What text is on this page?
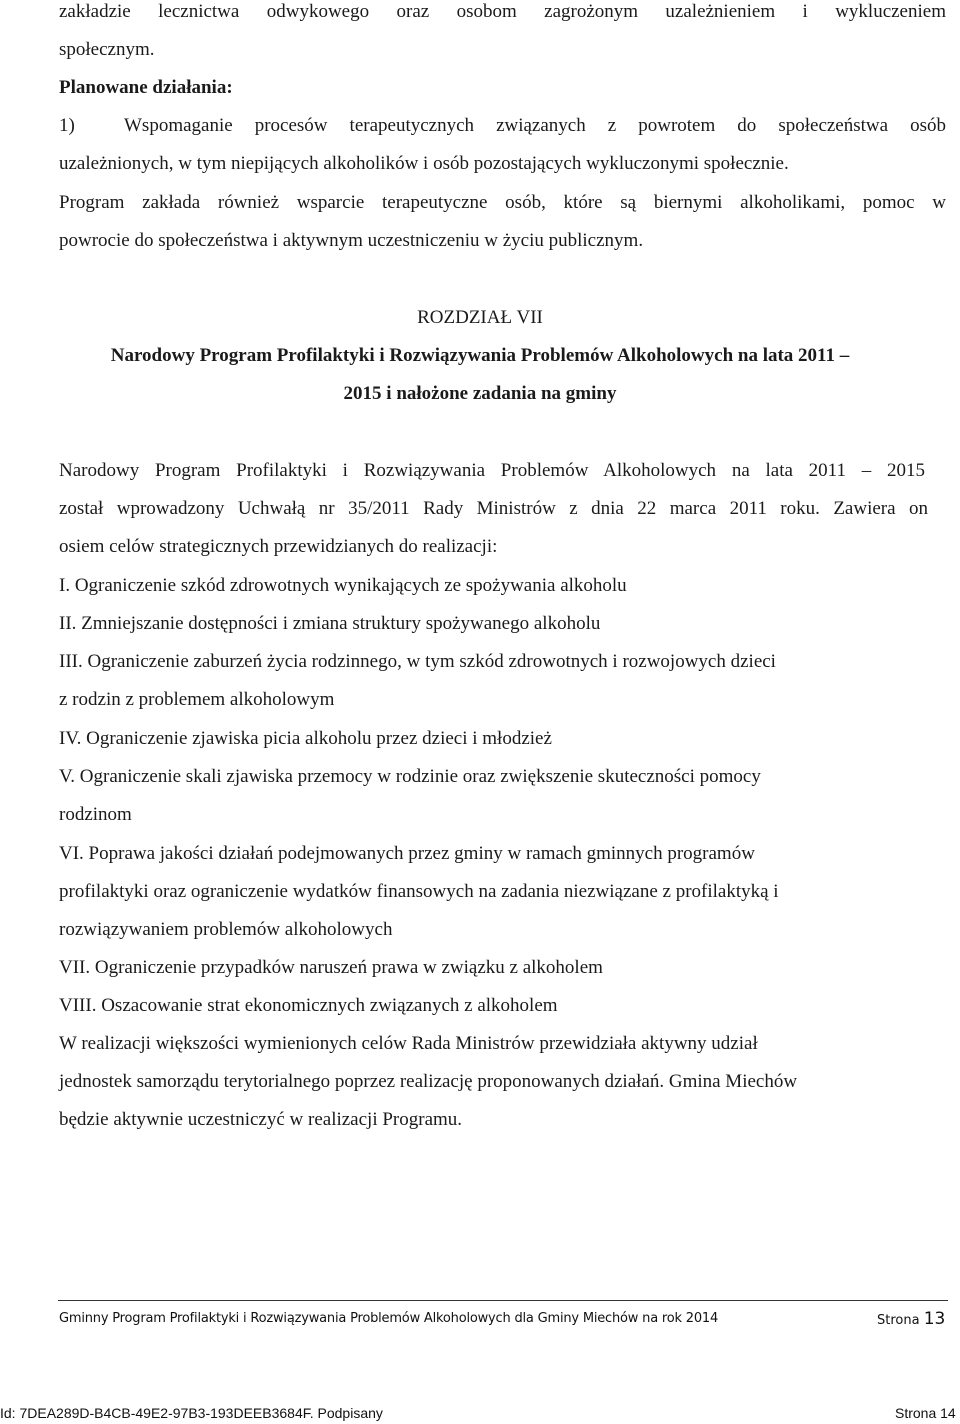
zakładzie lecznictwa odwykowego oraz osobom zagrożonym uzależnieniem i wykluczeniem
społecznym.
Planowane działania:
1)	Wspomaganie procesów terapeutycznych związanych z powrotem do społeczeństwa osób
uzależnionych, w tym niepijących alkoholików i osób pozostających wykluczonymi społecznie.
Program zakłada również wsparcie terapeutyczne osób, które są biernymi alkoholikami, pomoc w
powrocie do społeczeństwa i aktywnym uczestniczeniu w życiu publicznym.
ROZDZIAŁ VII
Narodowy Program Profilaktyki i Rozwiązywania Problemów Alkoholowych na lata 2011 –
2015 i nałożone zadania na gminy
Narodowy Program Profilaktyki i Rozwiązywania Problemów Alkoholowych na lata 2011 – 2015
został wprowadzony Uchwałą nr 35/2011 Rady Ministrów z dnia 22 marca 2011 roku. Zawiera on
osiem celów strategicznych przewidzianych do realizacji:
I. Ograniczenie szkód zdrowotnych wynikających ze spożywania alkoholu
II. Zmniejszanie dostępności i zmiana struktury spożywanego alkoholu
III. Ograniczenie zaburzeń życia rodzinnego, w tym szkód zdrowotnych i rozwojowych dzieci
z rodzin z problemem alkoholowym
IV. Ograniczenie zjawiska picia alkoholu przez dzieci i młodzież
V. Ograniczenie skali zjawiska przemocy w rodzinie oraz zwiększenie skuteczności pomocy
rodzinom
VI. Poprawa jakości działań podejmowanych przez gminy w ramach gminnych programów
profilaktyki oraz ograniczenie wydatków finansowych na zadania niezwiązane z profilaktyką i
rozwiązywaniem problemów alkoholowych
VII. Ograniczenie przypadków naruszeń prawa w związku z alkoholem
VIII. Oszacowanie strat ekonomicznych związanych z alkoholem
W realizacji większości wymienionych celów Rada Ministrów przewidziała aktywny udział
jednostek samorządu terytorialnego poprzez realizację proponowanych działań. Gmina Miechów
będzie aktywnie uczestniczyć w realizacji Programu.
Gminny Program Profilaktyki i Rozwiązywania Problemów Alkoholowych dla Gminy Miechów na rok 2014	Strona 13
Id: 7DEA289D-B4CB-49E2-97B3-193DEEB3684F. Podpisany	Strona 14
